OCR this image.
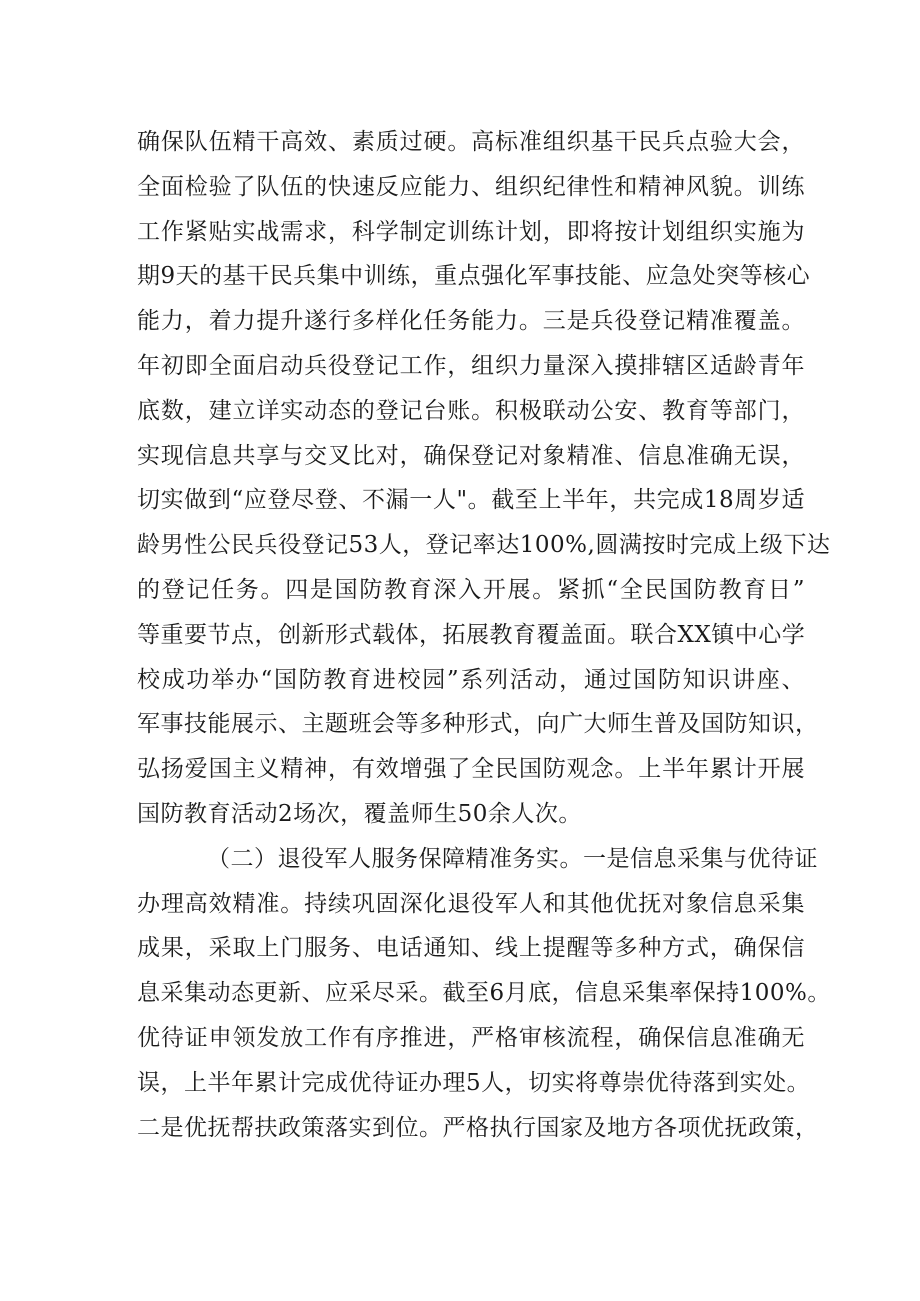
确保队伍精干高效、素质过硬。高标准组织基干民兵点验大会，
全面检验了队伍的快速反应能力、组织纪律性和精神风貌。训练
工作紧贴实战需求，科学制定训练计划，即将按计划组织实施为
期9天的基干民兵集中训练，重点强化军事技能、应急处突等核心
能力，着力提升遂行多样化任务能力。三是兵役登记精准覆盖。
年初即全面启动兵役登记工作，组织力量深入摸排辖区适龄青年
底数，建立详实动态的登记台账。积极联动公安、教育等部门，
实现信息共享与交叉比对，确保登记对象精准、信息准确无误，
切实做到“应登尽登、不漏一人"。截至上半年，共完成18周岁适
龄男性公民兵役登记53人，登记率达100%,圆满按时完成上级下达
的登记任务。四是国防教育深入开展。紧抓“全民国防教育日”
等重要节点，创新形式载体，拓展教育覆盖面。联合XX镇中心学
校成功举办“国防教育进校园”系列活动，通过国防知识讲座、
军事技能展示、主题班会等多种形式，向广大师生普及国防知识，
弘扬爱国主义精神，有效增强了全民国防观念。上半年累计开展
国防教育活动2场次，覆盖师生50余人次。
（二）退役军人服务保障精准务实。一是信息采集与优待证
办理高效精准。持续巩固深化退役军人和其他优抚对象信息采集
成果，采取上门服务、电话通知、线上提醒等多种方式，确保信
息采集动态更新、应采尽采。截至6月底，信息采集率保持100%。
优待证申领发放工作有序推进，严格审核流程，确保信息准确无
误，上半年累计完成优待证办理5人，切实将尊崇优待落到实处。
二是优抚帮扶政策落实到位。严格执行国家及地方各项优抚政策，
